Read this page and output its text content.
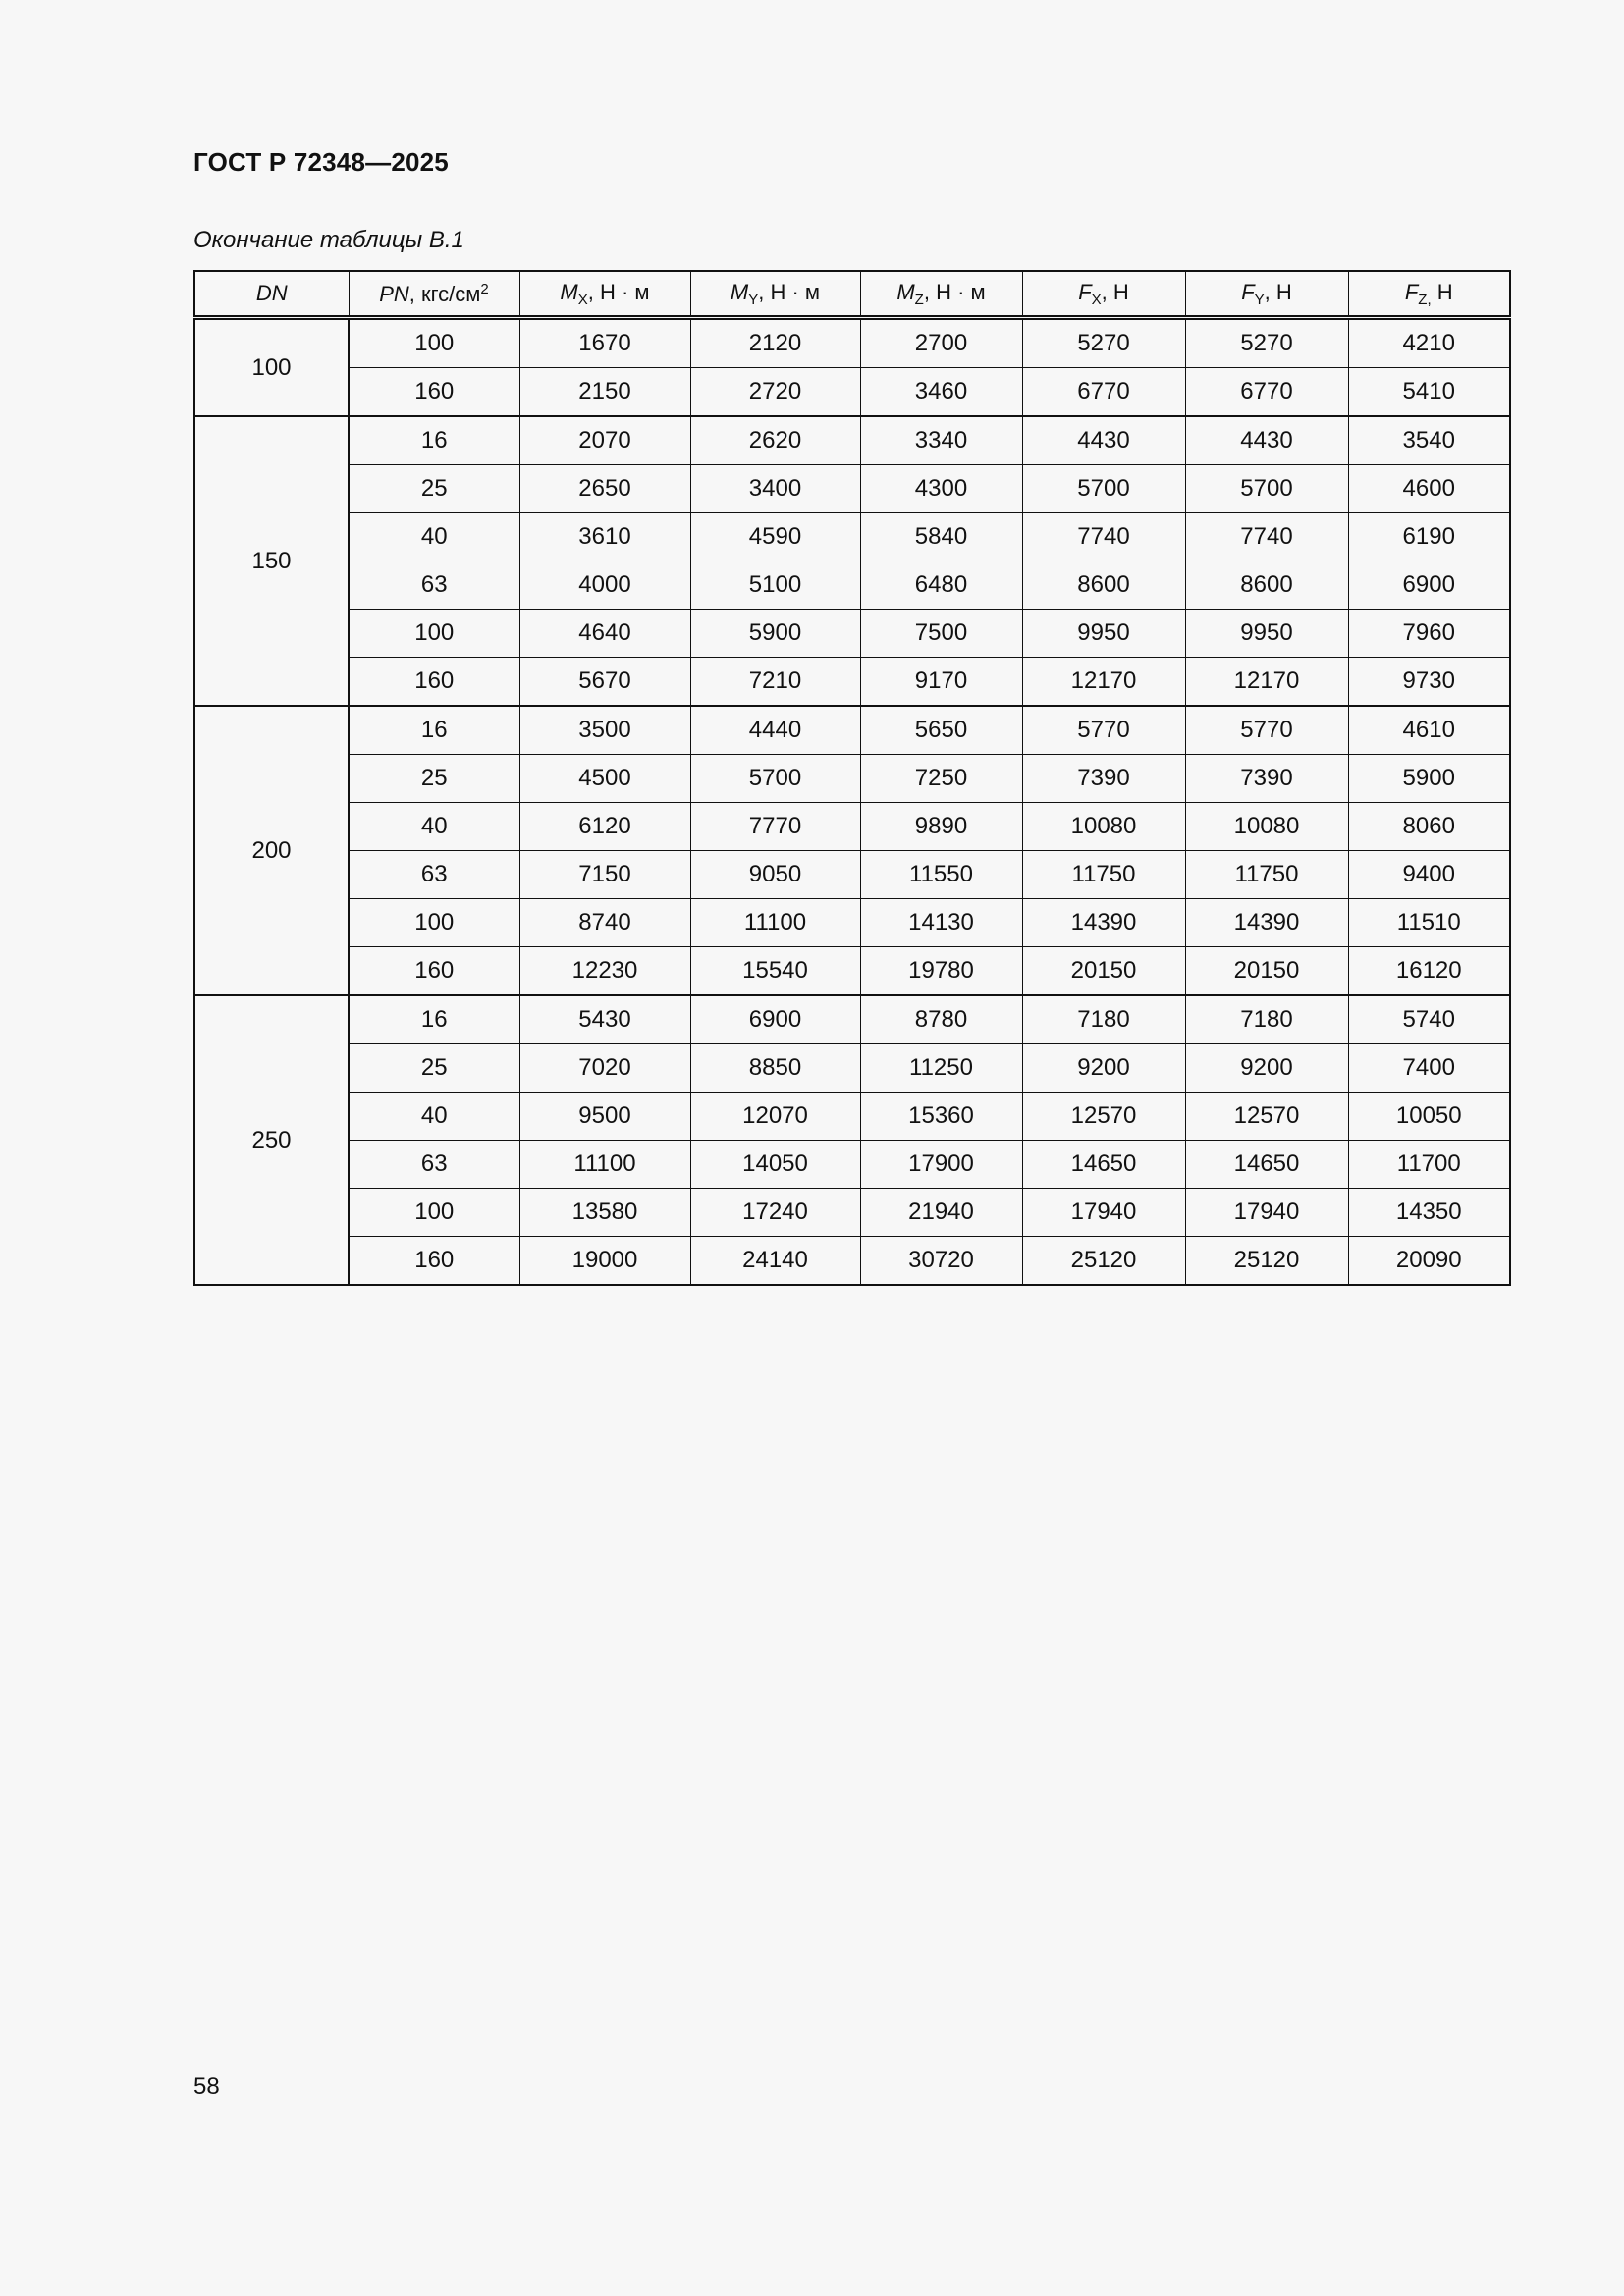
ГОСТ Р 72348—2025
Окончание таблицы В.1
DN	PN, кгс/$см^2$	$M_X$, Н · м	$M_Y$, Н · м	$M_Z$, Н · м	$F_X$, Н	$F_Y$, Н	$F_{Z,}$ Н
100	100	1670	2120	2700	5270	5270	4210
	160	2150	2720	3460	6770	6770	5410
150	16	2070	2620	3340	4430	4430	3540
	25	2650	3400	4300	5700	5700	4600
	40	3610	4590	5840	7740	7740	6190
	63	4000	5100	6480	8600	8600	6900
	100	4640	5900	7500	9950	9950	7960
	160	5670	7210	9170	12170	12170	9730
200	16	3500	4440	5650	5770	5770	4610
	25	4500	5700	7250	7390	7390	5900
	40	6120	7770	9890	10080	10080	8060
	63	7150	9050	11550	11750	11750	9400
	100	8740	11100	14130	14390	14390	11510
	160	12230	15540	19780	20150	20150	16120
250	16	5430	6900	8780	7180	7180	5740
	25	7020	8850	11250	9200	9200	7400
	40	9500	12070	15360	12570	12570	10050
	63	11100	14050	17900	14650	14650	11700
	100	13580	17240	21940	17940	17940	14350
	160	19000	24140	30720	25120	25120	20090
58
